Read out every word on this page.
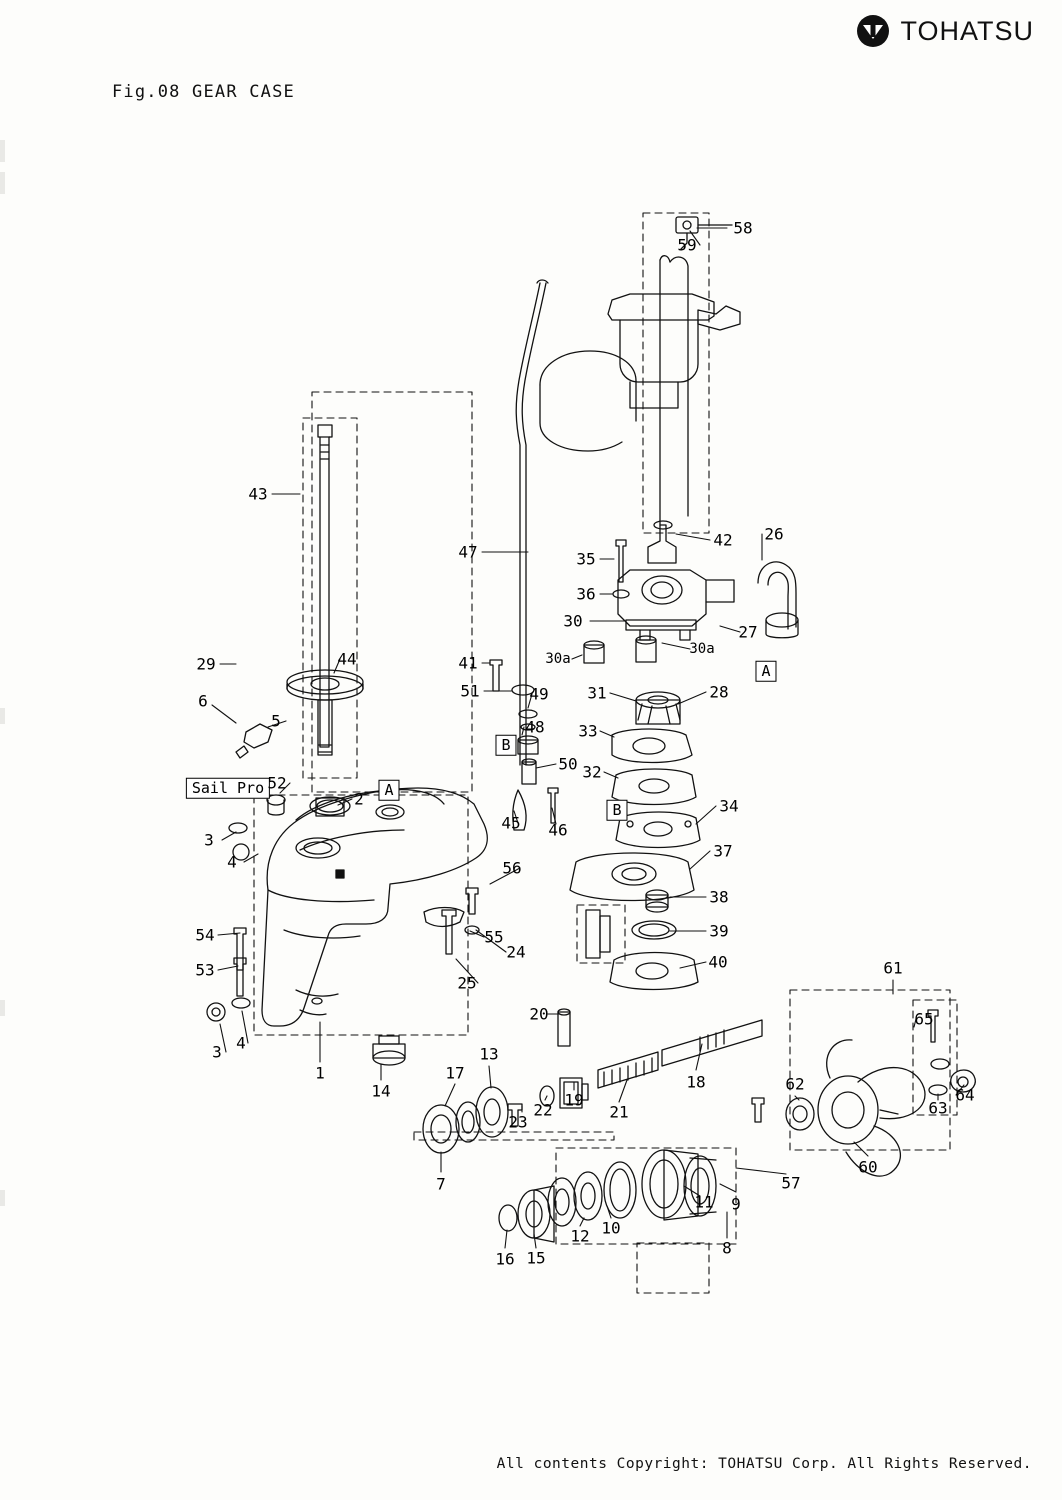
TOHATSU
Fig.08 GEAR CASE
Sail Pro
A
A
B
B
43
47
59
58
35
42 26
36
30
27
29	44	41	30a
30a
6
51	49 31	28
5	48 33
50 32
52
2
45 46
34
3
4
37
56
38
54	55
24
39
53
25
40	61
65
20
3 4
1
14
13
17	18	62
64
63
19
21
22
23
7
60
57
11 9
12 10
8
16 15
All contents Copyright: TOHATSU Corp. All Rights Reserved.
